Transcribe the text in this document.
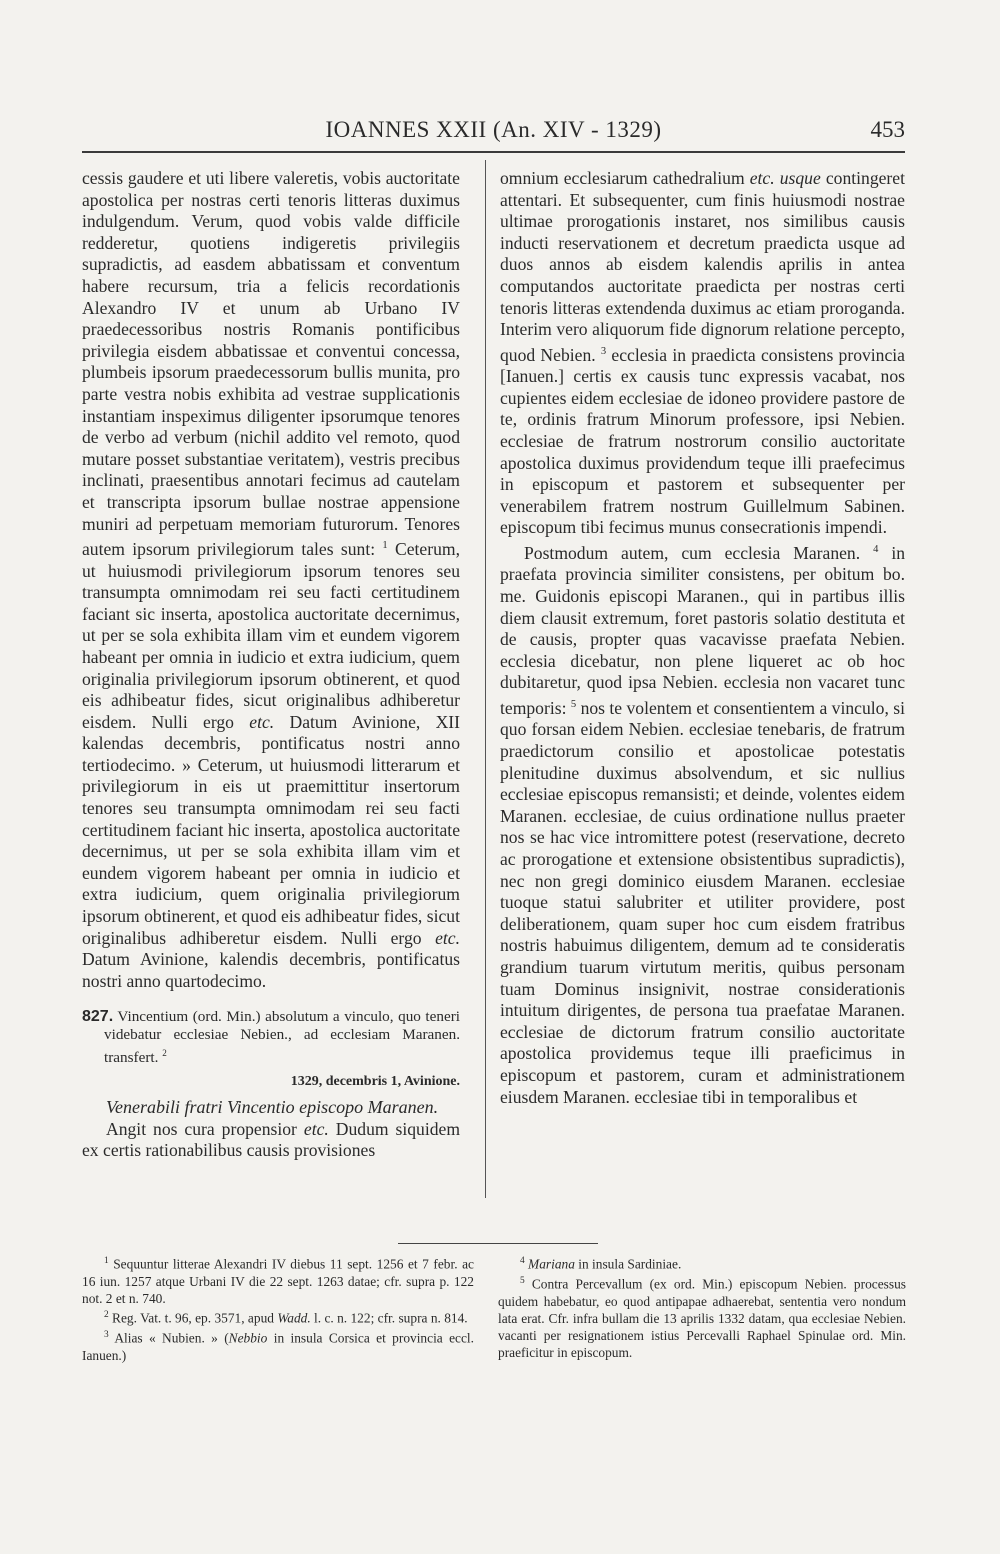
IOANNES XXII (An. XIV - 1329)	453

cessis gaudere et uti libere valeretis, vobis auctoritate apostolica per nostras certi tenoris litteras duximus indulgendum. Verum, quod vobis valde difficile redderetur, quotiens indigeretis privilegiis supradictis, ad easdem abbatissam et conventum habere recursum, tria a felicis recordationis Alexandro IV et unum ab Urbano IV praedecessoribus nostris Romanis pontificibus privilegia eisdem abbatissae et conventui concessa, plumbeis ipsorum praedecessorum bullis munita, pro parte vestra nobis exhibita ad vestrae supplicationis instantiam inspeximus diligenter ipsorumque tenores de verbo ad verbum (nichil addito vel remoto, quod mutare posset substantiae veritatem), vestris precibus inclinati, praesentibus annotari fecimus ad cautelam et transcripta ipsorum bullae nostrae appensione muniri ad perpetuam memoriam futurorum. Tenores autem ipsorum privilegiorum tales sunt: $^1$ Ceterum, ut huiusmodi privilegiorum ipsorum tenores seu transumpta omnimodam rei seu facti certitudinem faciant sic inserta, apostolica auctoritate decernimus, ut per se sola exhibita illam vim et eundem vigorem habeant per omnia in iudicio et extra iudicium, quem originalia privilegiorum ipsorum obtinerent, et quod eis adhibeatur fides, sicut originalibus adhiberetur eisdem. Nulli ergo etc. Datum Avinione, XII kalendas decembris, pontificatus nostri anno tertiodecimo. » Ceterum, ut huiusmodi litterarum et privilegiorum in eis ut praemittitur insertorum tenores seu transumpta omnimodam rei seu facti certitudinem faciant hic inserta, apostolica auctoritate decernimus, ut per se sola exhibita illam vim et eundem vigorem habeant per omnia in iudicio et extra iudicium, quem originalia privilegiorum ipsorum obtinerent, et quod eis adhibeatur fides, sicut originalibus adhiberetur eisdem. Nulli ergo etc. Datum Avinione, kalendis decembris, pontificatus nostri anno quartodecimo.

827. Vincentium (ord. Min.) absolutum a vinculo, quo teneri videbatur ecclesiae Nebien., ad ecclesiam Maranen. transfert. $^2$

1329, decembris 1, Avinione.

Venerabili fratri Vincentio episcopo Maranen.

Angit nos cura propensior etc. Dudum siquidem ex certis rationabilibus causis provisiones

omnium ecclesiarum cathedralium etc. usque contingeret attentari. Et subsequenter, cum finis huiusmodi nostrae ultimae prorogationis instaret, nos similibus causis inducti reservationem et decretum praedicta usque ad duos annos ab eisdem kalendis aprilis in antea computandos auctoritate praedicta per nostras certi tenoris litteras extendenda duximus ac etiam proroganda. Interim vero aliquorum fide dignorum relatione percepto, quod Nebien. $^3$ ecclesia in praedicta consistens provincia [Ianuen.] certis ex causis tunc expressis vacabat, nos cupientes eidem ecclesiae de idoneo providere pastore de te, ordinis fratrum Minorum professore, ipsi Nebien. ecclesiae de fratrum nostrorum consilio auctoritate apostolica duximus providendum teque illi praefecimus in episcopum et pastorem et subsequenter per venerabilem fratrem nostrum Guillelmum Sabinen. episcopum tibi fecimus munus consecrationis impendi.

Postmodum autem, cum ecclesia Maranen. $^4$ in praefata provincia similiter consistens, per obitum bo. me. Guidonis episcopi Maranen., qui in partibus illis diem clausit extremum, foret pastoris solatio destituta et de causis, propter quas vacavisse praefata Nebien. ecclesia dicebatur, non plene liqueret ac ob hoc dubitaretur, quod ipsa Nebien. ecclesia non vacaret tunc temporis: $^5$ nos te volentem et consentientem a vinculo, si quo forsan eidem Nebien. ecclesiae tenebaris, de fratrum praedictorum consilio et apostolicae potestatis plenitudine duximus absolvendum, et sic nullius ecclesiae episcopus remansisti; et deinde, volentes eidem Maranen. ecclesiae, de cuius ordinatione nullus praeter nos se hac vice intromittere potest (reservatione, decreto ac prorogatione et extensione obsistentibus supradictis), nec non gregi dominico eiusdem Maranen. ecclesiae tuoque statui salubriter et utiliter providere, post deliberationem, quam super hoc cum eisdem fratribus nostris habuimus diligentem, demum ad te consideratis grandium tuarum virtutum meritis, quibus personam tuam Dominus insignivit, nostrae considerationis intuitum dirigentes, de persona tua praefatae Maranen. ecclesiae de dictorum fratrum consilio auctoritate apostolica providemus teque illi praeficimus in episcopum et pastorem, curam et administrationem eiusdem Maranen. ecclesiae tibi in temporalibus et

$^1$ Sequuntur litterae Alexandri IV diebus 11 sept. 1256 et 7 febr. ac 16 iun. 1257 atque Urbani IV die 22 sept. 1263 datae; cfr. supra p. 122 not. 2 et n. 740.

$^2$ Reg. Vat. t. 96, ep. 3571, apud Wadd. l. c. n. 122; cfr. supra n. 814.

$^3$ Alias « Nubien. » (Nebbio in insula Corsica et provincia eccl. Ianuen.)

$^4$ Mariana in insula Sardiniae.

$^5$ Contra Percevallum (ex ord. Min.) episcopum Nebien. processus quidem habebatur, eo quod antipapae adhaerebat, sententia vero nondum lata erat. Cfr. infra bullam die 13 aprilis 1332 datam, qua ecclesiae Nebien. vacanti per resignationem istius Percevalli Raphael Spinulae ord. Min. praeficitur in episcopum.
